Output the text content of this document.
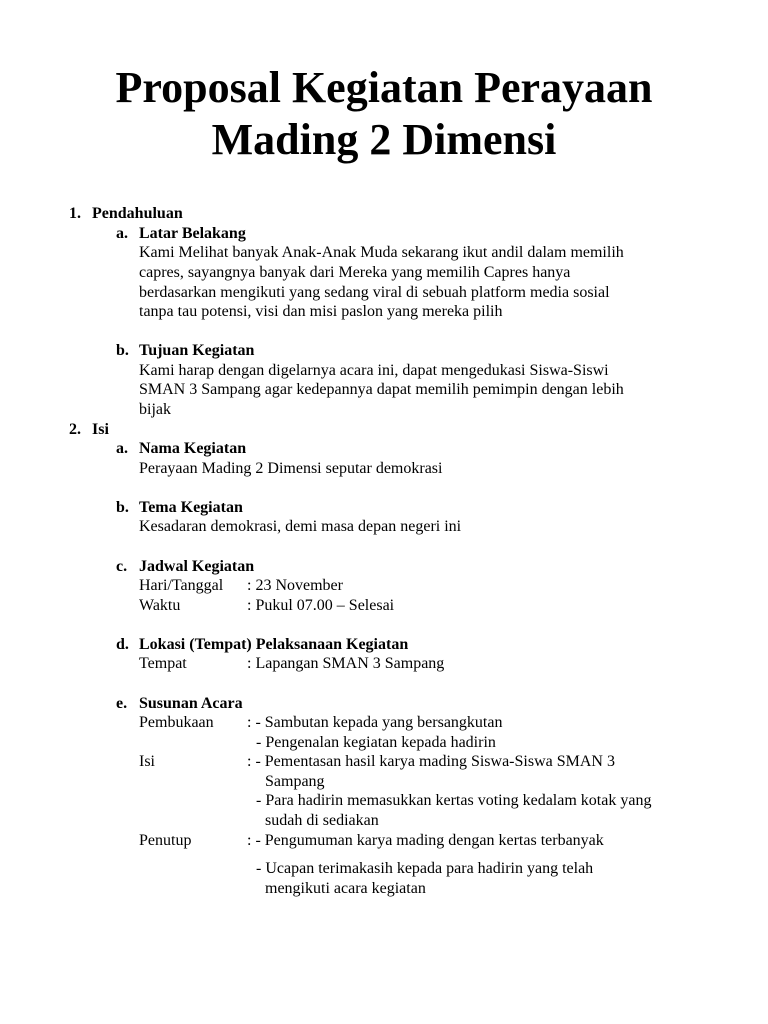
Proposal Kegiatan Perayaan
Mading 2 Dimensi
1. Pendahuluan
a. Latar Belakang
Kami Melihat banyak Anak-Anak Muda sekarang ikut andil dalam memilih
capres, sayangnya banyak dari Mereka yang memilih Capres hanya
berdasarkan mengikuti yang sedang viral di sebuah platform media sosial
tanpa tau potensi, visi dan misi paslon yang mereka pilih
b. Tujuan Kegiatan
Kami harap dengan digelarnya acara ini, dapat mengedukasi Siswa-Siswi
SMAN 3 Sampang agar kedepannya dapat memilih pemimpin dengan lebih
bijak
2. Isi
a. Nama Kegiatan
Perayaan Mading 2 Dimensi seputar demokrasi
b. Tema Kegiatan
Kesadaran demokrasi, demi masa depan negeri ini
c. Jadwal Kegiatan
Hari/Tanggal : 23 November
Waktu	: Pukul 07.00 – Selesai
d. Lokasi (Tempat) Pelaksanaan Kegiatan
Tempat	: Lapangan SMAN 3 Sampang
e. Susunan Acara
Pembukaan : - Sambutan kepada yang bersangkutan
- Pengenalan kegiatan kepada hadirin
Isi	: - Pementasan hasil karya mading Siswa-Siswa SMAN 3
Sampang
- Para hadirin memasukkan kertas voting kedalam kotak yang
sudah di sediakan
Penutup	: - Pengumuman karya mading dengan kertas terbanyak
- Ucapan terimakasih kepada para hadirin yang telah
mengikuti acara kegiatan
